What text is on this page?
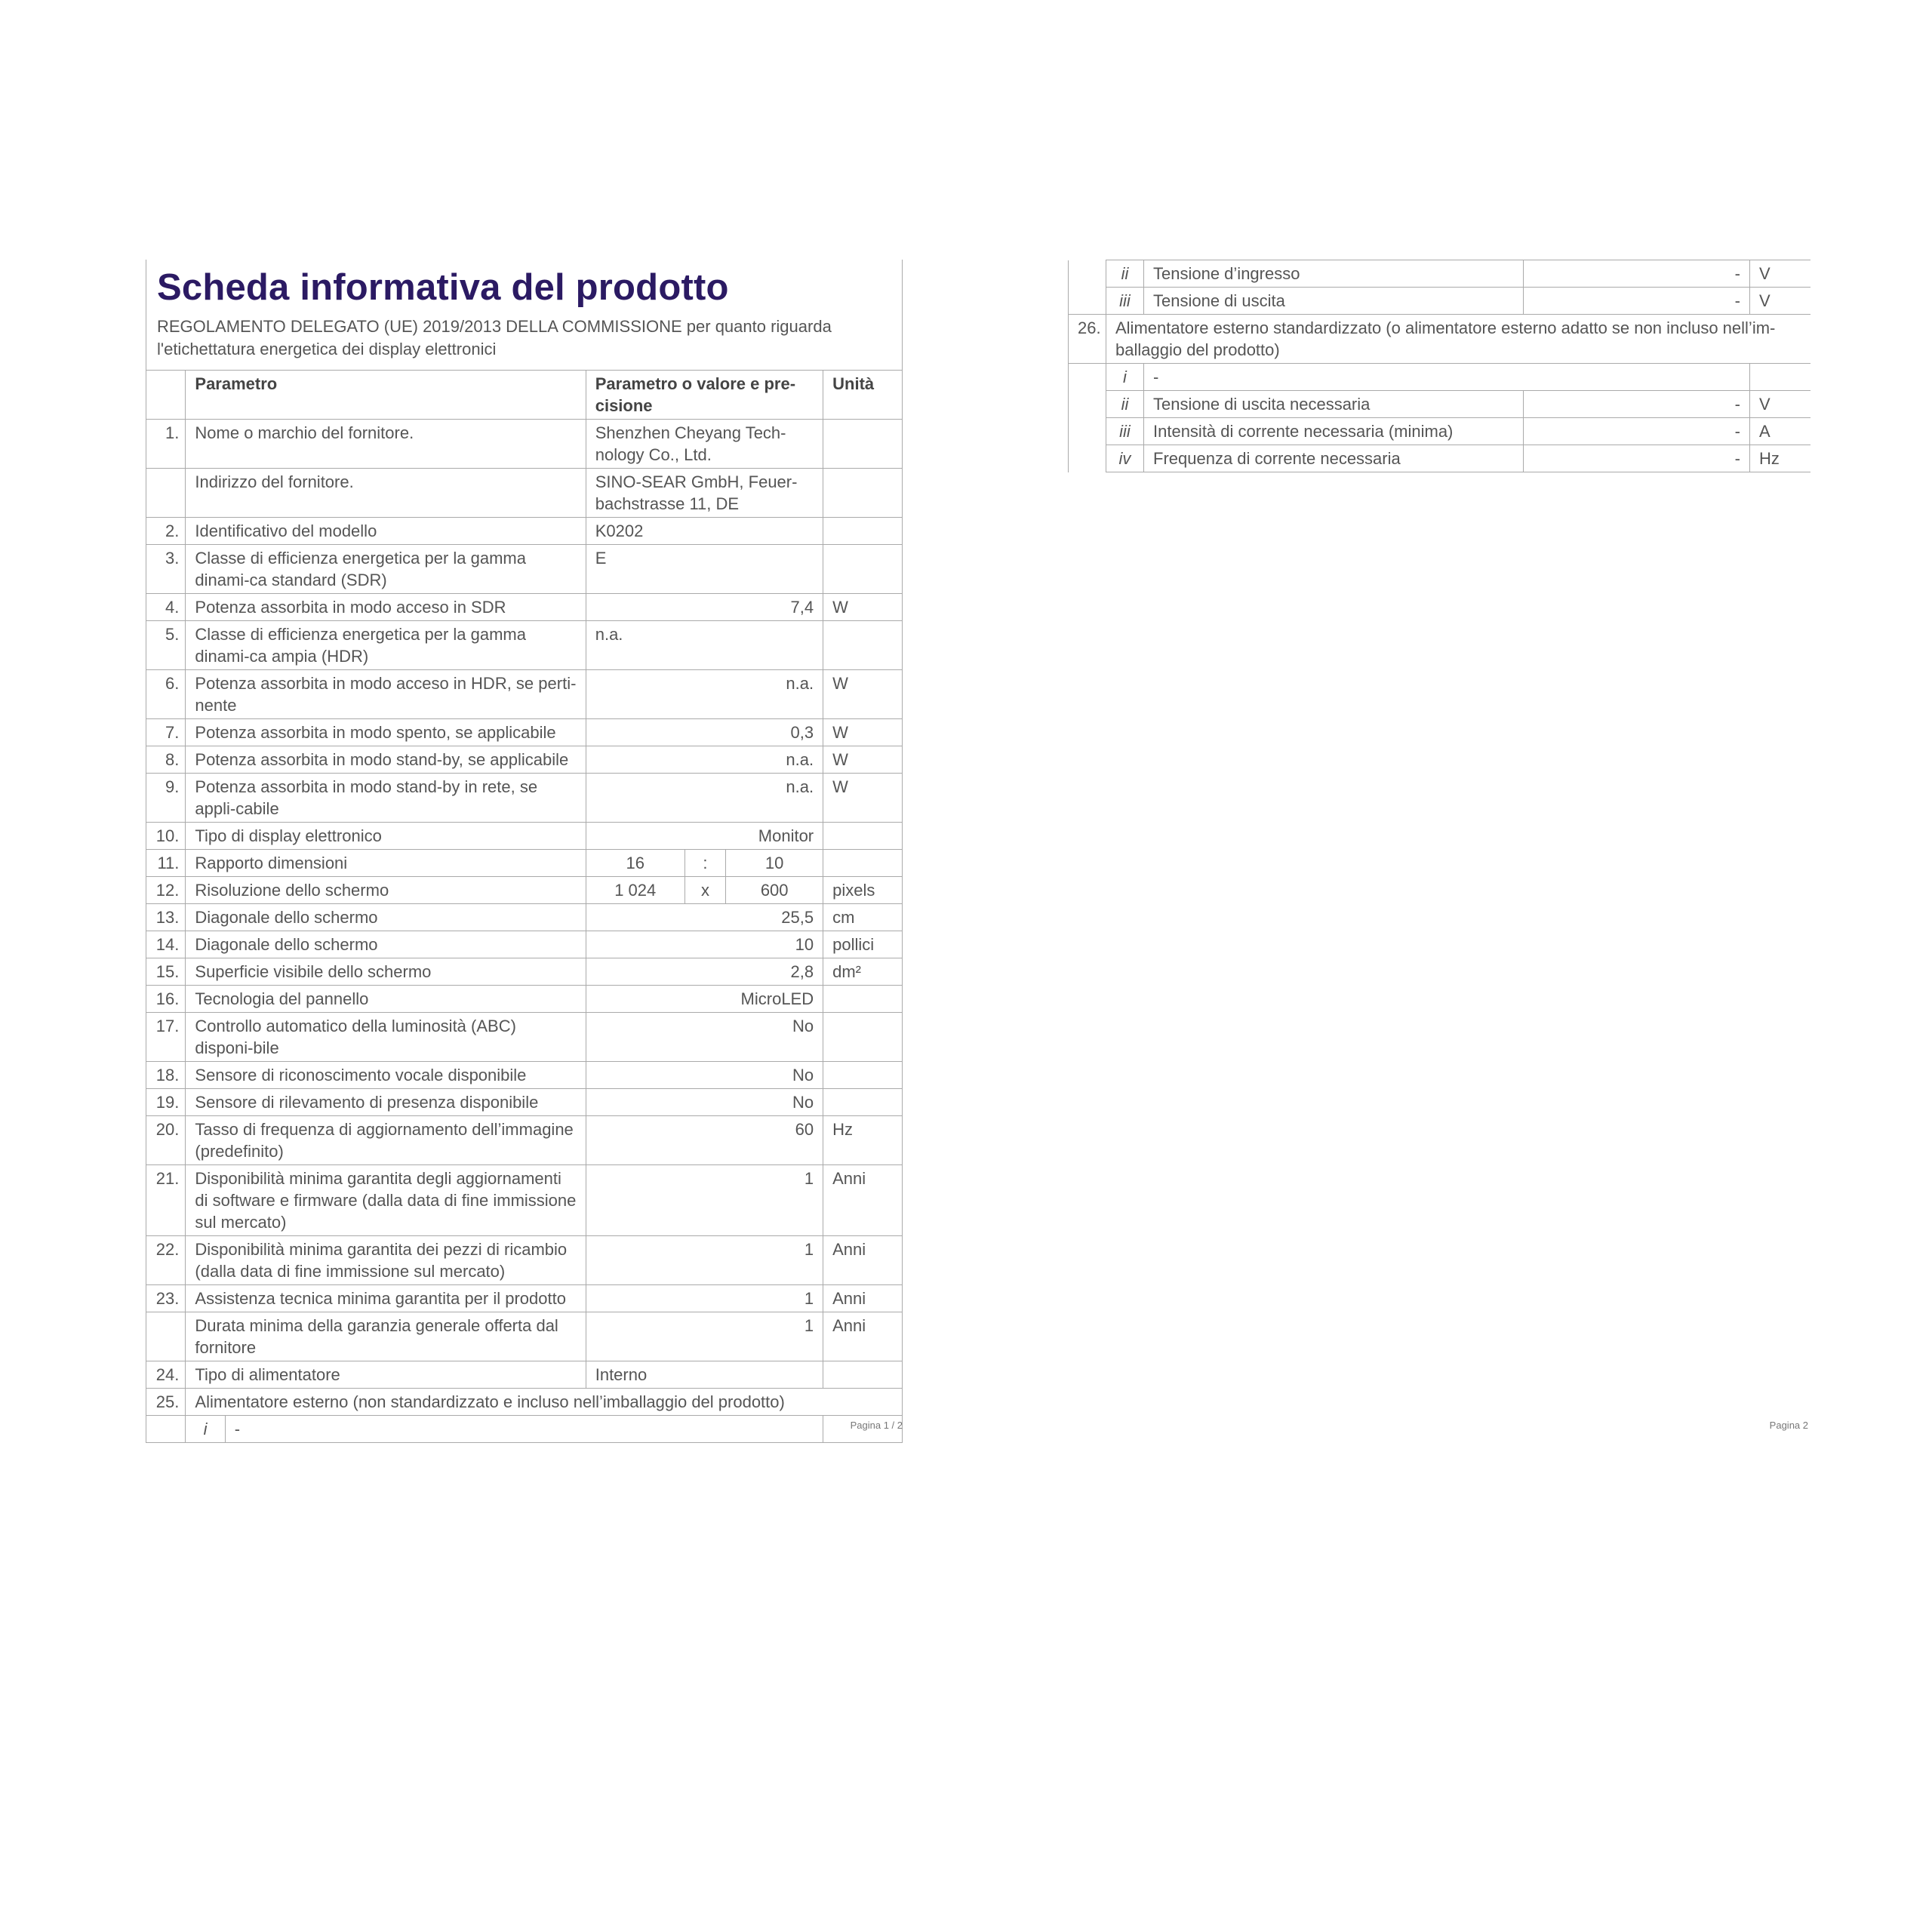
Scheda informativa del prodotto

REGOLAMENTO DELEGATO (UE) 2019/2013 DELLA COMMISSIONE per quanto riguarda l'etichettatura energetica dei display elettronici

	Parametro		Parametro o valore e pre-cisione			Unità
1.	Nome o marchio del fornitore.		Shenzhen Cheyang Tech-nology Co., Ltd.			
	Indirizzo del fornitore.		SINO-SEAR GmbH, Feuer-bachstrasse 11, DE			
2.	Identificativo del modello		K0202			
3.	Classe di efficienza energetica per la gamma dinami-ca standard (SDR)		E			
4.	Potenza assorbita in modo acceso in SDR		7,4			W
5.	Classe di efficienza energetica per la gamma dinami-ca ampia (HDR)		n.a.			
6.	Potenza assorbita in modo acceso in HDR, se perti-nente		n.a.			W
7.	Potenza assorbita in modo spento, se applicabile		0,3			W
8.	Potenza assorbita in modo stand-by, se applicabile		n.a.			W
9.	Potenza assorbita in modo stand-by in rete, se appli-cabile		n.a.			W
10.	Tipo di display elettronico		Monitor			
11.	Rapporto dimensioni		16	:	10	
12.	Risoluzione dello schermo		1 024	x	600	pixels
13.	Diagonale dello schermo		25,5			cm
14.	Diagonale dello schermo		10			pollici
15.	Superficie visibile dello schermo		2,8			dm²
16.	Tecnologia del pannello		MicroLED			
17.	Controllo automatico della luminosità (ABC) disponi-bile		No			
18.	Sensore di riconoscimento vocale disponibile		No			
19.	Sensore di rilevamento di presenza disponibile		No			
20.	Tasso di frequenza di aggiornamento dell’immagine (predefinito)		60			Hz
21.	Disponibilità minima garantita degli aggiornamenti di software e firmware (dalla data di fine immissione sul mercato)		1			Anni
22.	Disponibilità minima garantita dei pezzi di ricambio (dalla data di fine immissione sul mercato)		1			Anni
23.	Assistenza tecnica minima garantita per il prodotto		1			Anni
	Durata minima della garanzia generale offerta dal fornitore		1			Anni
24.	Tipo di alimentatore		Interno			
25.	Alimentatore esterno (non standardizzato e incluso nell’imballaggio del prodotto)					
	i	-					Pagina 1 / 2
	ii	Tensione d’ingresso	-	V
	iii	Tensione di uscita	-	V
26.	Alimentatore esterno standardizzato (o alimentatore esterno adatto se non incluso nell’im-ballaggio del prodotto)			
	i	-		
	ii	Tensione di uscita necessaria	-	V
	iii	Intensità di corrente necessaria (minima)	-	A
	iv	Frequenza di corrente necessaria	-	Hz
Pagina 2
